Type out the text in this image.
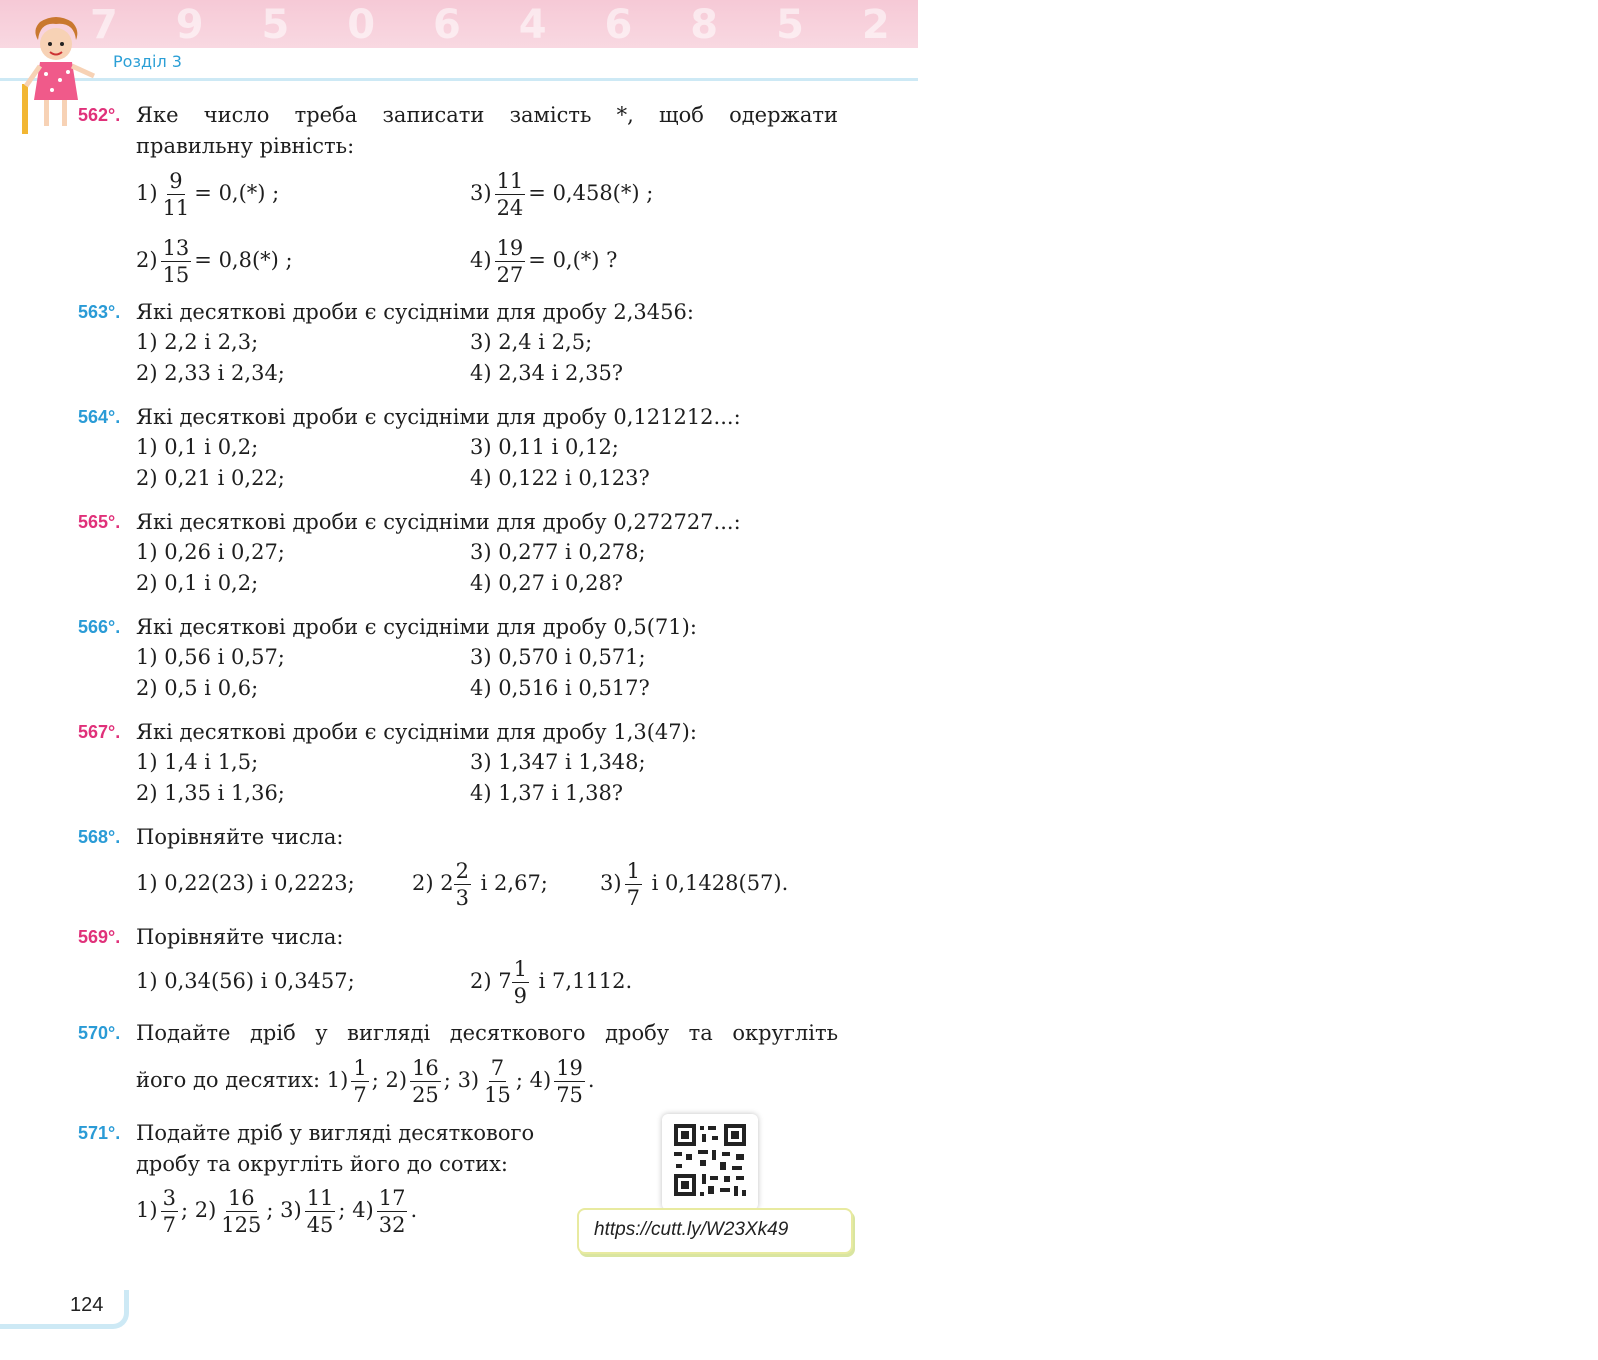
7 9 5 0 6 4 6 8 5 2 6 7 9 6 5 1 8 0
Розділ 3
562°. Яке число треба записати замість *, щоб одержати
правильну рівність:
$1) \frac{9}{11} = 0,(*)$ ;	$3) \frac{11}{24} = 0,458(*)$ ;
$2) \frac{13}{15} = 0,8(*)$ ;	$4) \frac{19}{27} = 0,(*)$ ?
563°. Які десяткові дроби є сусідніми для дробу 2,3456:
1) 2,2 і 2,3;	3) 2,4 і 2,5;
2) 2,33 і 2,34;	4) 2,34 і 2,35?
564°. Які десяткові дроби є сусідніми для дробу 0,121212...:
1) 0,1 і 0,2;	3) 0,11 і 0,12;
2) 0,21 і 0,22;	4) 0,122 і 0,123?
565°. Які десяткові дроби є сусідніми для дробу 0,272727...:
1) 0,26 і 0,27;	3) 0,277 і 0,278;
2) 0,1 і 0,2;	4) 0,27 і 0,28?
566°. Які десяткові дроби є сусідніми для дробу 0,5(71):
1) 0,56 і 0,57;	3) 0,570 і 0,571;
2) 0,5 і 0,6;	4) 0,516 і 0,517?
567°. Які десяткові дроби є сусідніми для дробу 1,3(47):
1) 1,4 і 1,5;	3) 1,347 і 1,348;
2) 1,35 і 1,36;	4) 1,37 і 1,38?
568°. Порівняйте числа:
1) 0,22(23) і 0,2223;	2) $2 \frac{2}{3}$ і 2,67; $3) \frac{1}{7}$ і 0,1428(57).
569°. Порівняйте числа:
1) 0,34(56) і 0,3457;	2) $7 \frac{1}{9}$ і 7,1112.
570°. Подайте дріб у вигляді десяткового дробу та округліть
його до десятих: $1) \frac{1}{7}$ ; $2) \frac{16}{25}$ ; $3) \frac{7}{15}$ ; $4) \frac{19}{75}$ .
571°. Подайте дріб у вигляді десяткового
дробу та округліть його до сотих:
$1) \frac{3}{7}$ ; $2) \frac{16}{125}$ ; $3) \frac{11}{45}$ ; $4) \frac{17}{32}$ .
https://cutt.ly/W23Xk49
124
